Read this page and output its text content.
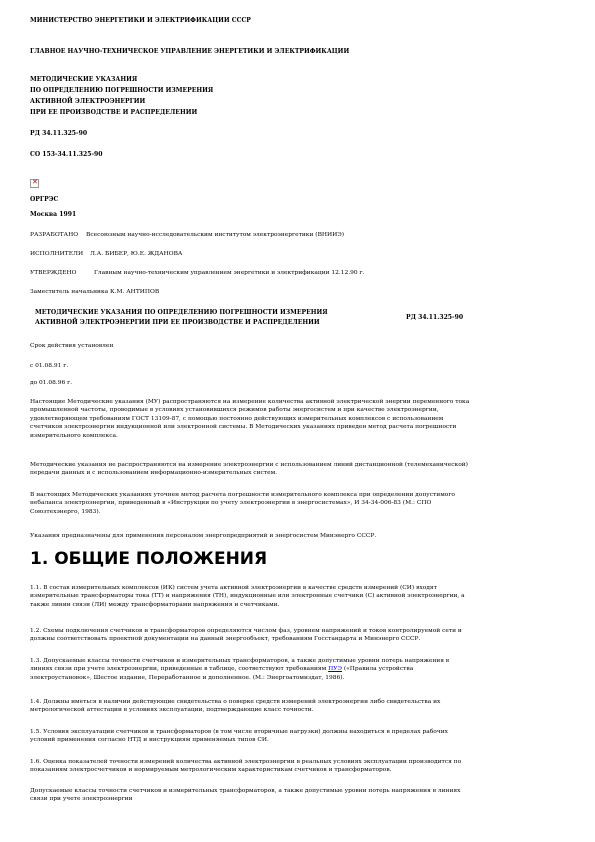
МИНИСТЕРСТВО ЭНЕРГЕТИКИ И ЭЛЕКТРИФИКАЦИИ СССР
ГЛАВНОЕ НАУЧНО-ТЕХНИЧЕСКОЕ УПРАВЛЕНИЕ ЭНЕРГЕТИКИ И ЭЛЕКТРИФИКАЦИИ
МЕТОДИЧЕСКИЕ УКАЗАНИЯ
ПО ОПРЕДЕЛЕНИЮ ПОГРЕШНОСТИ ИЗМЕРЕНИЯ
АКТИВНОЙ ЭЛЕКТРОЭНЕРГИИ
ПРИ ЕЕ ПРОИЗВОДСТВЕ И РАСПРЕДЕЛЕНИИ
РД 34.11.325-90
СО 153-34.11.325-90
✕
ОРГРЭС
Москва 1991
РАЗРАБОТАНО Всесоюзным научно-исследовательским институтом электроэнергетики (ВНИИЭ)
ИСПОЛНИТЕЛИ Л.А. БИБЕР, Ю.Е. ЖДАНОВА
УТВЕРЖДЕНО	Главным научно-техническим управлением энергетики и электрификации 12.12.90 г.
Заместитель начальника К.М. АНТИПОВ
МЕТОДИЧЕСКИЕ УКАЗАНИЯ ПО ОПРЕДЕЛЕНИЮ ПОГРЕШНОСТИ ИЗМЕРЕНИЯ
АКТИВНОЙ ЭЛЕКТРОЭНЕРГИИ ПРИ ЕЕ ПРОИЗВОДСТВЕ И РАСПРЕДЕЛЕНИИ
РД 34.11.325-90
Срок действия установлен
с 01.08.91 г.
до 01.08.96 г.
Настоящие Методические указания (МУ) распространяются на измерение количества активной электрической энергии переменного тока
промышленной частоты, проводимые в условиях установившихся режимов работы энергосистем и при качестве электроэнергии,
удовлетворяющем требованиям ГОСТ 13109-87, с помощью постоянно действующих измерительных комплексов с использованием
счетчиков электроэнергии индукционной или электронной системы. В Методических указаниях приведен метод расчета погрешности
измерительного комплекса.
Методические указания не распространяются на измерение электроэнергии с использованием линий дистанционной (телемеханической)
передачи данных и с использованием информационно-измерительных систем.
В настоящих Методических указаниях уточнен метод расчета погрешности измерительного комплекса при определении допустимого
небаланса электроэнергии, приведенный в «Инструкции по учету электроэнергии в энергосистемах», И 34-34-006-83 (М.: СПО
Союзтехэнерго, 1983).
Указания предназначены для применения персоналом энергопредприятий и энергосистем Минэнерго СССР.
1. ОБЩИЕ ПОЛОЖЕНИЯ
1.1. В состав измерительных комплексов (ИК) систем учета активной электроэнергии в качестве средств измерений (СИ) входят
измерительные трансформаторы тока (ТТ) и напряжения (ТН), индукционные или электронные счетчики (С) активной электроэнергии, а
также линии связи (ЛИ) между трансформаторами напряжения и счетчиками.
1.2. Схемы подключения счетчиков и трансформаторов определяются числом фаз, уровнем напряжений и токов контролируемой сети и
должны соответствовать проектной документации на данный энергообъект, требованиям Госстандарта и Минэнерго СССР.
1.3. Допускаемые классы точности счетчиков и измерительных трансформаторов, а также допустимые уровни потерь напряжения в
линиях связи при учете электроэнергии, приведенные в таблице, соответствуют требованиям ПУЭ («Правила устройства
электроустановок», Шестое издание, Переработанное и дополненное. (М.: Энергоатомиздат, 1986).
1.4. Должны иметься в наличии действующие свидетельства о поверке средств измерений электроэнергии либо свидетельства их
метрологической аттестации в условиях эксплуатации, подтверждающие класс точности.
1.5. Условия эксплуатации счетчиков и трансформаторов (в том числе вторичные нагрузки) должны находиться в пределах рабочих
условий применения согласно НТД и инструкциям применяемых типов СИ.
1.6. Оценка показателей точности измерений количества активной электроэнергии в реальных условиях эксплуатации производится по
показаниям электросчетчиков и нормируемым метрологическим характеристикам счетчиков и трансформаторов.
Допускаемые классы точности счетчиков и измерительных трансформаторов, а также допустимые уровни потерь напряжения в линиях
связи при учете электроэнергии
